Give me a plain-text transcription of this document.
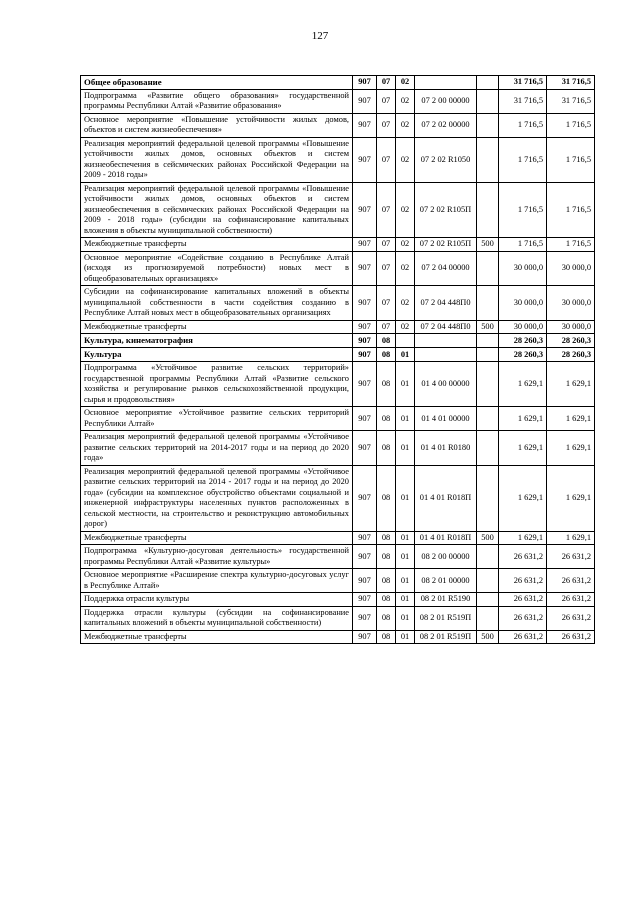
127
Общее образование	907	07	02			31 716,5	31 716,5
Подпрограмма «Развитие общего образования» государственной программы Республики Алтай «Развитие образования»	907	07	02	07 2 00 00000		31 716,5	31 716,5
Основное мероприятие «Повышение устойчивости жилых домов, объектов и систем жизнеобеспечения»	907	07	02	07 2 02 00000		1 716,5	1 716,5
Реализация мероприятий федеральной целевой программы «Повышение устойчивости жилых домов, основных объектов и систем жизнеобеспечения в сейсмических районах Российской Федерации на 2009 - 2018 годы»	907	07	02	07 2 02 R1050		1 716,5	1 716,5
Реализация мероприятий федеральной целевой программы «Повышение устойчивости жилых домов, основных объектов и систем жизнеобеспечения в сейсмических районах Российской Федерации на 2009 - 2018 годы» (субсидии на софинансирование капитальных вложения в объекты муниципальной собственности)	907	07	02	07 2 02 R105П		1 716,5	1 716,5
Межбюджетные трансферты	907	07	02	07 2 02 R105П	500	1 716,5	1 716,5
Основное мероприятие «Содействие созданию в Республике Алтай (исходя из прогнозируемой потребности) новых мест в общеобразовательных организациях»	907	07	02	07 2 04 00000		30 000,0	30 000,0
Субсидии на софинансирование капитальных вложений в объекты муниципальной собственности в части содействия созданию в Республике Алтай новых мест в общеобразовательных организациях	907	07	02	07 2 04 448П0		30 000,0	30 000,0
Межбюджетные трансферты	907	07	02	07 2 04 448П0	500	30 000,0	30 000,0
Культура, кинематография	907	08				28 260,3	28 260,3
Культура	907	08	01			28 260,3	28 260,3
Подпрограмма «Устойчивое развитие сельских территорий» государственной программы Республики Алтай «Развитие сельского хозяйства и регулирование рынков сельскохозяйственной продукции, сырья и продовольствия»	907	08	01	01 4 00 00000		1 629,1	1 629,1
Основное мероприятие «Устойчивое развитие сельских территорий Республики Алтай»	907	08	01	01 4 01 00000		1 629,1	1 629,1
Реализация мероприятий федеральной целевой программы «Устойчивое развитие сельских территорий на 2014-2017 годы и на период до 2020 года»	907	08	01	01 4 01 R0180		1 629,1	1 629,1
Реализация мероприятий федеральной целевой программы «Устойчивое развитие сельских территорий на 2014 - 2017 годы и на период до 2020 года» (субсидии на комплексное обустройство объектами социальной и инженерной инфраструктуры населенных пунктов расположенных в сельской местности, на строительство и реконструкцию автомобильных дорог)	907	08	01	01 4 01 R018П		1 629,1	1 629,1
Межбюджетные трансферты	907	08	01	01 4 01 R018П	500	1 629,1	1 629,1
Подпрограмма «Культурно-досуговая деятельность» государственной программы Республики Алтай «Развитие культуры»	907	08	01	08 2 00 00000		26 631,2	26 631,2
Основное мероприятие «Расширение спектра культурно-досуговых услуг в Республике Алтай»	907	08	01	08 2 01 00000		26 631,2	26 631,2
Поддержка отрасли культуры	907	08	01	08 2 01 R5190		26 631,2	26 631,2
Поддержка отрасли культуры (субсидии на софинансирование капитальных вложений в объекты муниципальной собственности)	907	08	01	08 2 01 R519П		26 631,2	26 631,2
Межбюджетные трансферты	907	08	01	08 2 01 R519П	500	26 631,2	26 631,2
